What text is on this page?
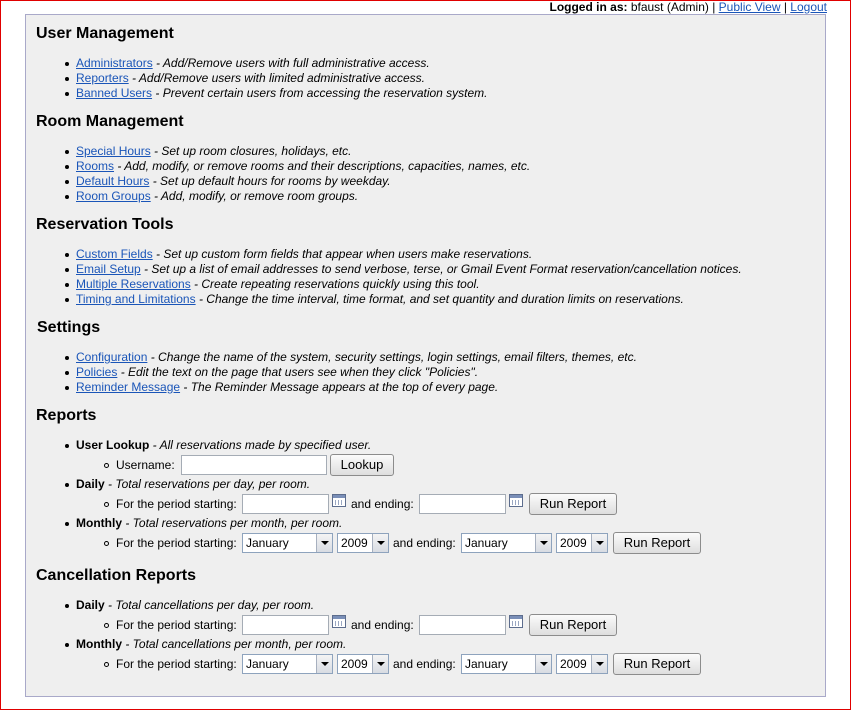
Logged in as: bfaust (Admin) | Public View | Logout
User Management
Administrators - Add/Remove users with full administrative access.
Reporters - Add/Remove users with limited administrative access.
Banned Users - Prevent certain users from accessing the reservation system.
Room Management
Special Hours - Set up room closures, holidays, etc.
Rooms - Add, modify, or remove rooms and their descriptions, capacities, names, etc.
Default Hours - Set up default hours for rooms by weekday.
Room Groups - Add, modify, or remove room groups.
Reservation Tools
Custom Fields - Set up custom form fields that appear when users make reservations.
Email Setup - Set up a list of email addresses to send verbose, terse, or Gmail Event Format reservation/cancellation notices.
Multiple Reservations - Create repeating reservations quickly using this tool.
Timing and Limitations - Change the time interval, time format, and set quantity and duration limits on reservations.
Settings
Configuration - Change the name of the system, security settings, login settings, email filters, themes, etc.
Policies - Edit the text on the page that users see when they click "Policies".
Reminder Message - The Reminder Message appears at the top of every page.
Reports
User Lookup - All reservations made by specified user.
Username:	Lookup
Daily - Total reservations per day, per room.
For the period starting:	and ending:	Run Report
Monthly - Total reservations per month, per room.
For the period starting: January	2009	and ending: January	2009	Run Report
Cancellation Reports
Daily - Total cancellations per day, per room.
For the period starting:	and ending:	Run Report
Monthly - Total cancellations per month, per room.
For the period starting: January	2009	and ending: January	2009	Run Report
